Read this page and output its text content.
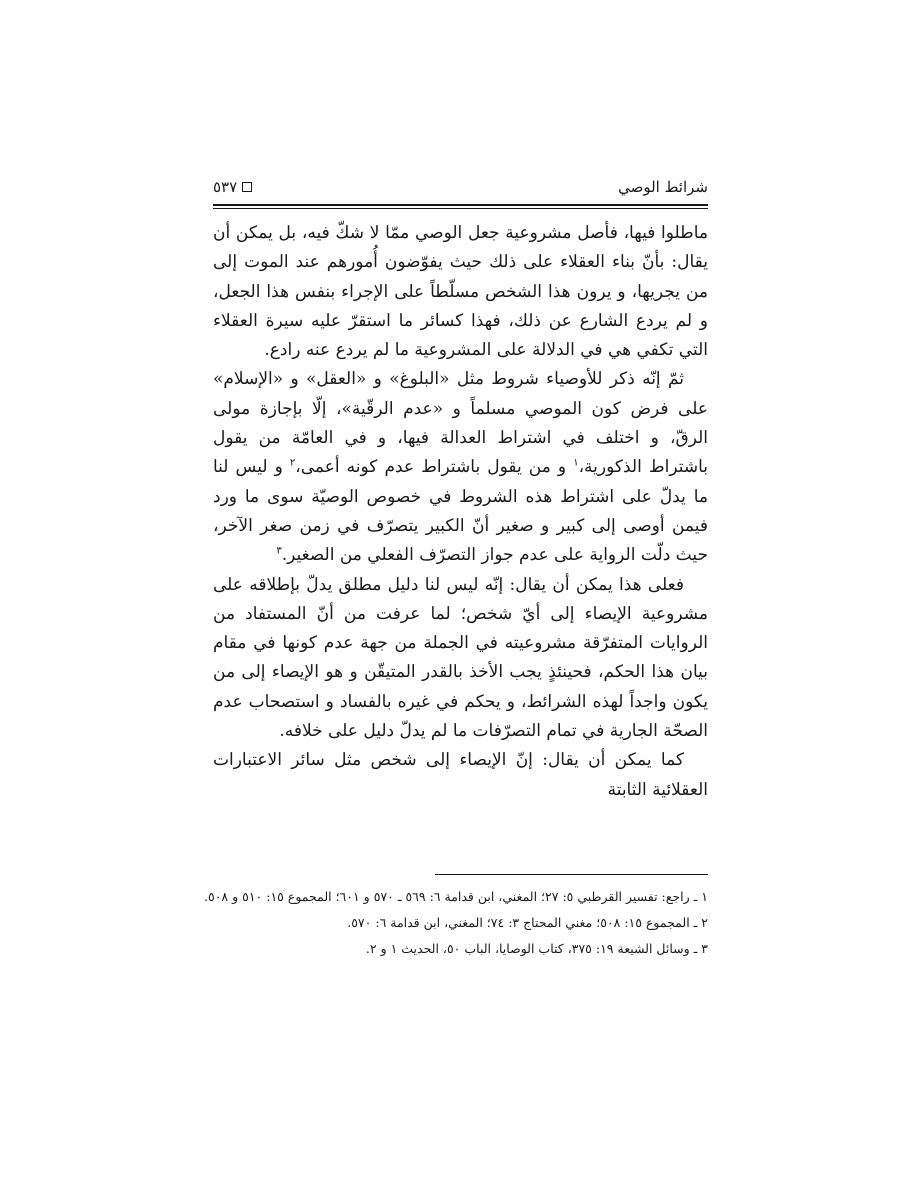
شرائط الوصي
٥٣٧

ماطلوا فيها، فأصل مشروعية جعل الوصي ممّا لا شكّ فيه، بل يمكن أن يقال: بأنّ بناء العقلاء على ذلك حيث يفوّضون أُمورهم عند الموت إلى من يجريها، و يرون هذا الشخص مسلّطاً على الإجراء بنفس هذا الجعل، و لم يردع الشارع عن ذلك، فهذا كسائر ما استقرّ عليه سيرة العقلاء التي تكفي هي في الدلالة على المشروعية ما لم يردع عنه رادع.

ثمّ إنّه ذكر للأوصياء شروط مثل «البلوغ» و «العقل» و «الإسلام» على فرض كون الموصي مسلماً و «عدم الرقّية»، إلّا بإجازة مولى الرقّ، و اختلف في اشتراط العدالة فيها، و في العامّة من يقول باشتراط الذكورية،$^١$ و من يقول باشتراط عدم كونه أعمى،$^٢$ و ليس لنا ما يدلّ على اشتراط هذه الشروط في خصوص الوصيّة سوى ما ورد فيمن أوصى إلى كبير و صغير أنّ الكبير يتصرّف في زمن صغر الآخر، حيث دلّت الرواية على عدم جواز التصرّف الفعلي من الصغير.$^٣$

فعلى هذا يمكن أن يقال: إنّه ليس لنا دليل مطلق يدلّ بإطلاقه على مشروعية الإيصاء إلى أيّ شخص؛ لما عرفت من أنّ المستفاد من الروايات المتفرّقة مشروعيته في الجملة من جهة عدم كونها في مقام بيان هذا الحكم، فحينئذٍ يجب الأخذ بالقدر المتيقّن و هو الإيصاء إلى من يكون واجداً لهذه الشرائط، و يحكم في غيره بالفساد و استصحاب عدم الصحّة الجارية في تمام التصرّفات ما لم يدلّ دليل على خلافه.

كما يمكن أن يقال: إنّ الإيصاء إلى شخص مثل سائر الاعتبارات العقلائية الثابتة

١ ـ راجع: تفسير القرطبي ٥: ٢٧؛ المغني، ابن قدامة ٦: ٥٦٩ ـ ٥٧٠ و ٦٠١؛ المجموع ١٥: ٥١٠ و ٥٠٨.
٢ ـ المجموع ١٥: ٥٠٨؛ مغني المحتاج ٣: ٧٤؛ المغني، ابن قدامة ٦: ٥٧٠.
٣ ـ وسائل الشيعة ١٩: ٣٧٥، كتاب الوصايا، الباب ٥٠، الحديث ١ و ٢.
